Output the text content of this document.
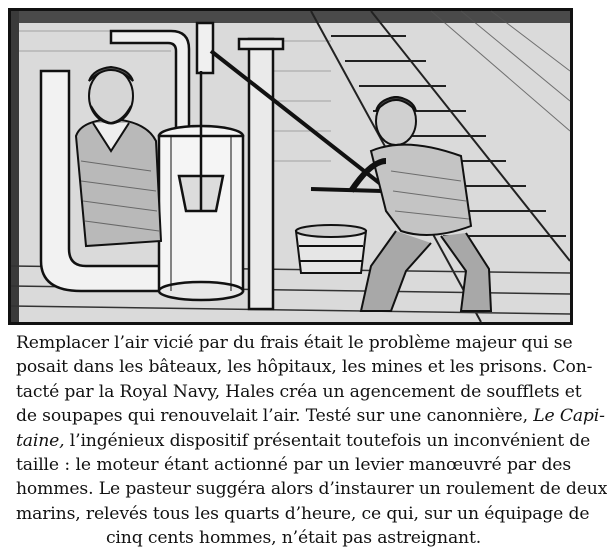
Remplacer l’air vicié par du frais était le problème majeur qui se
posait dans les bâteaux, les hôpitaux, les mines et les prisons. Con-
tacté par la Royal Navy, Hales créa un agencement de soufflets et
de soupapes qui renouvelait l’air. Testé sur une canonnière, Le Capi-
taine, l’ingénieux dispositif présentait toutefois un inconvénient de
taille : le moteur étant actionné par un levier manœuvré par des
hommes. Le pasteur suggéra alors d’instaurer un roulement de deux
marins, relevés tous les quarts d’heure, ce qui, sur un équipage de
cinq cents hommes, n’était pas astreignant.
